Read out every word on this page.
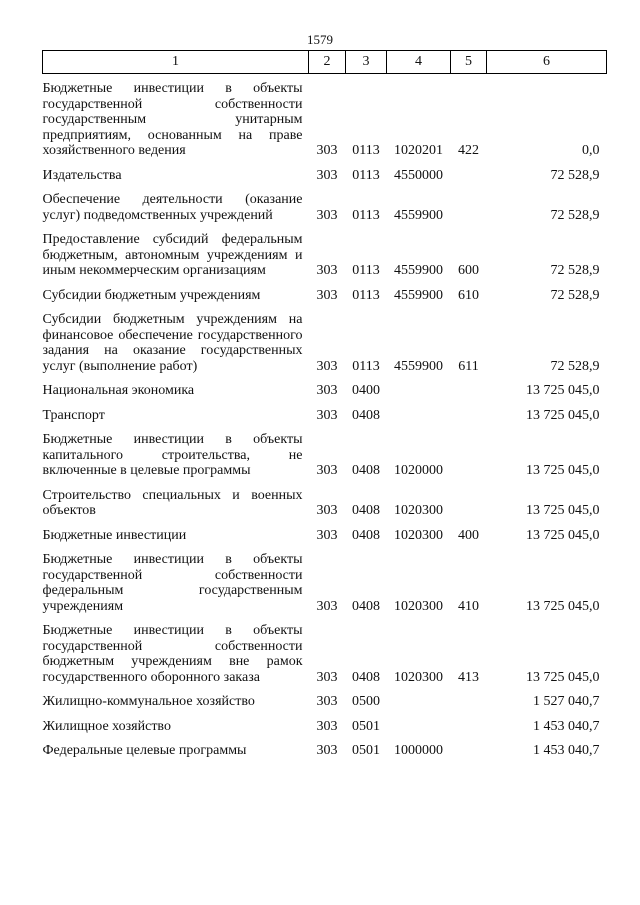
1579
1	2	3	4	5	6
Бюджетные инвестиции в объекты государственной собственности государственным унитарным предприятиям, основанным на праве хозяйственного ведения	303	0113	1020201	422	0,0
Издательства	303	0113	4550000		72 528,9
Обеспечение деятельности (оказание услуг) подведомственных учреждений	303	0113	4559900		72 528,9
Предоставление субсидий федеральным бюджетным, автономным учреждениям и иным некоммерческим организациям	303	0113	4559900	600	72 528,9
Субсидии бюджетным учреждениям	303	0113	4559900	610	72 528,9
Субсидии бюджетным учреждениям на финансовое обеспечение государственного задания на оказание государственных услуг (выполнение работ)	303	0113	4559900	611	72 528,9
Национальная экономика	303	0400			13 725 045,0
Транспорт	303	0408			13 725 045,0
Бюджетные инвестиции в объекты капитального строительства, не включенные в целевые программы	303	0408	1020000		13 725 045,0
Строительство специальных и военных объектов	303	0408	1020300		13 725 045,0
Бюджетные инвестиции	303	0408	1020300	400	13 725 045,0
Бюджетные инвестиции в объекты государственной собственности федеральным государственным учреждениям	303	0408	1020300	410	13 725 045,0
Бюджетные инвестиции в объекты государственной собственности бюджетным учреждениям вне рамок государственного оборонного заказа	303	0408	1020300	413	13 725 045,0
Жилищно-коммунальное хозяйство	303	0500			1 527 040,7
Жилищное хозяйство	303	0501			1 453 040,7
Федеральные целевые программы	303	0501	1000000		1 453 040,7
